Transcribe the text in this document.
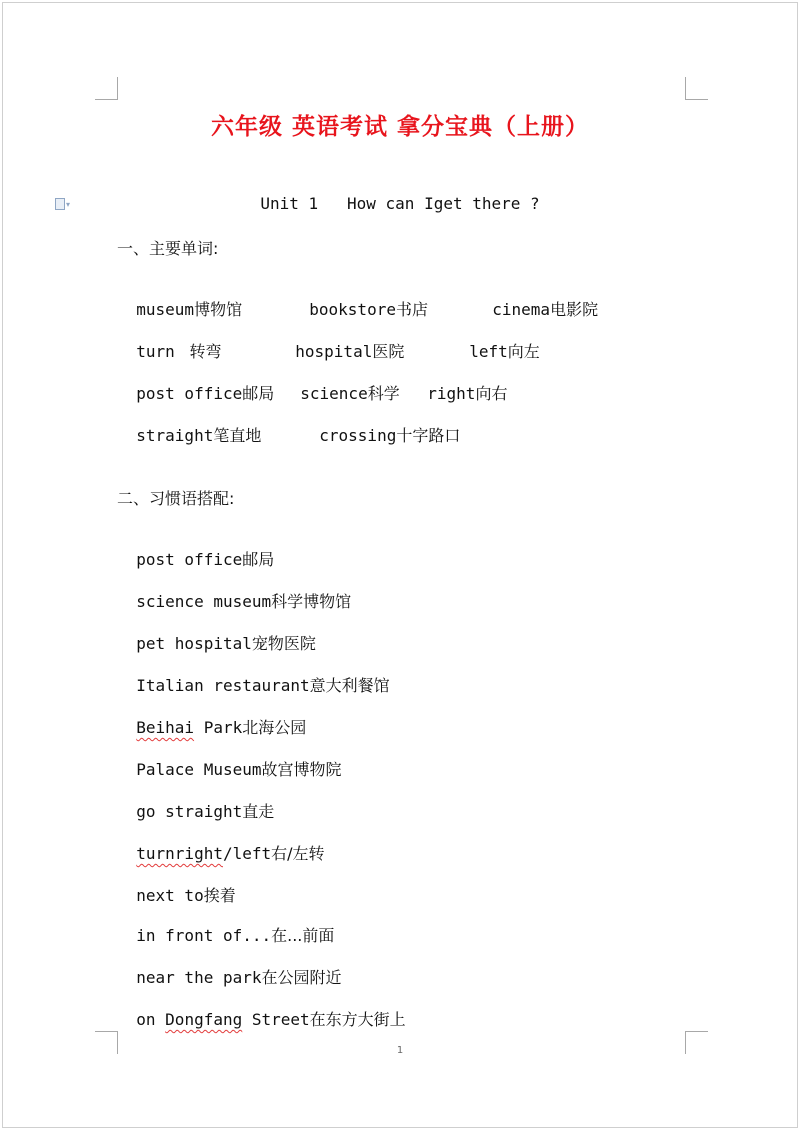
六年级 英语考试 拿分宝典（上册）
▾	Unit 1   How can Iget there ?
一、主要单词:

museum博物馆	bookstore书店	cinema电影院

turn  转弯	hospital医院	left向左

post office邮局	science科学	right向右

straight笔直地	crossing十字路口

二、习惯语搭配:

post office邮局

science museum科学博物馆

pet hospital宠物医院

Italian restaurant意大利餐馆

Beihai Park北海公园

Palace Museum故宫博物院

go straight直走

turnright/left右/左转

next to挨着

in front of...在...前面

near the park在公园附近

on Dongfang Street在东方大街上

1
